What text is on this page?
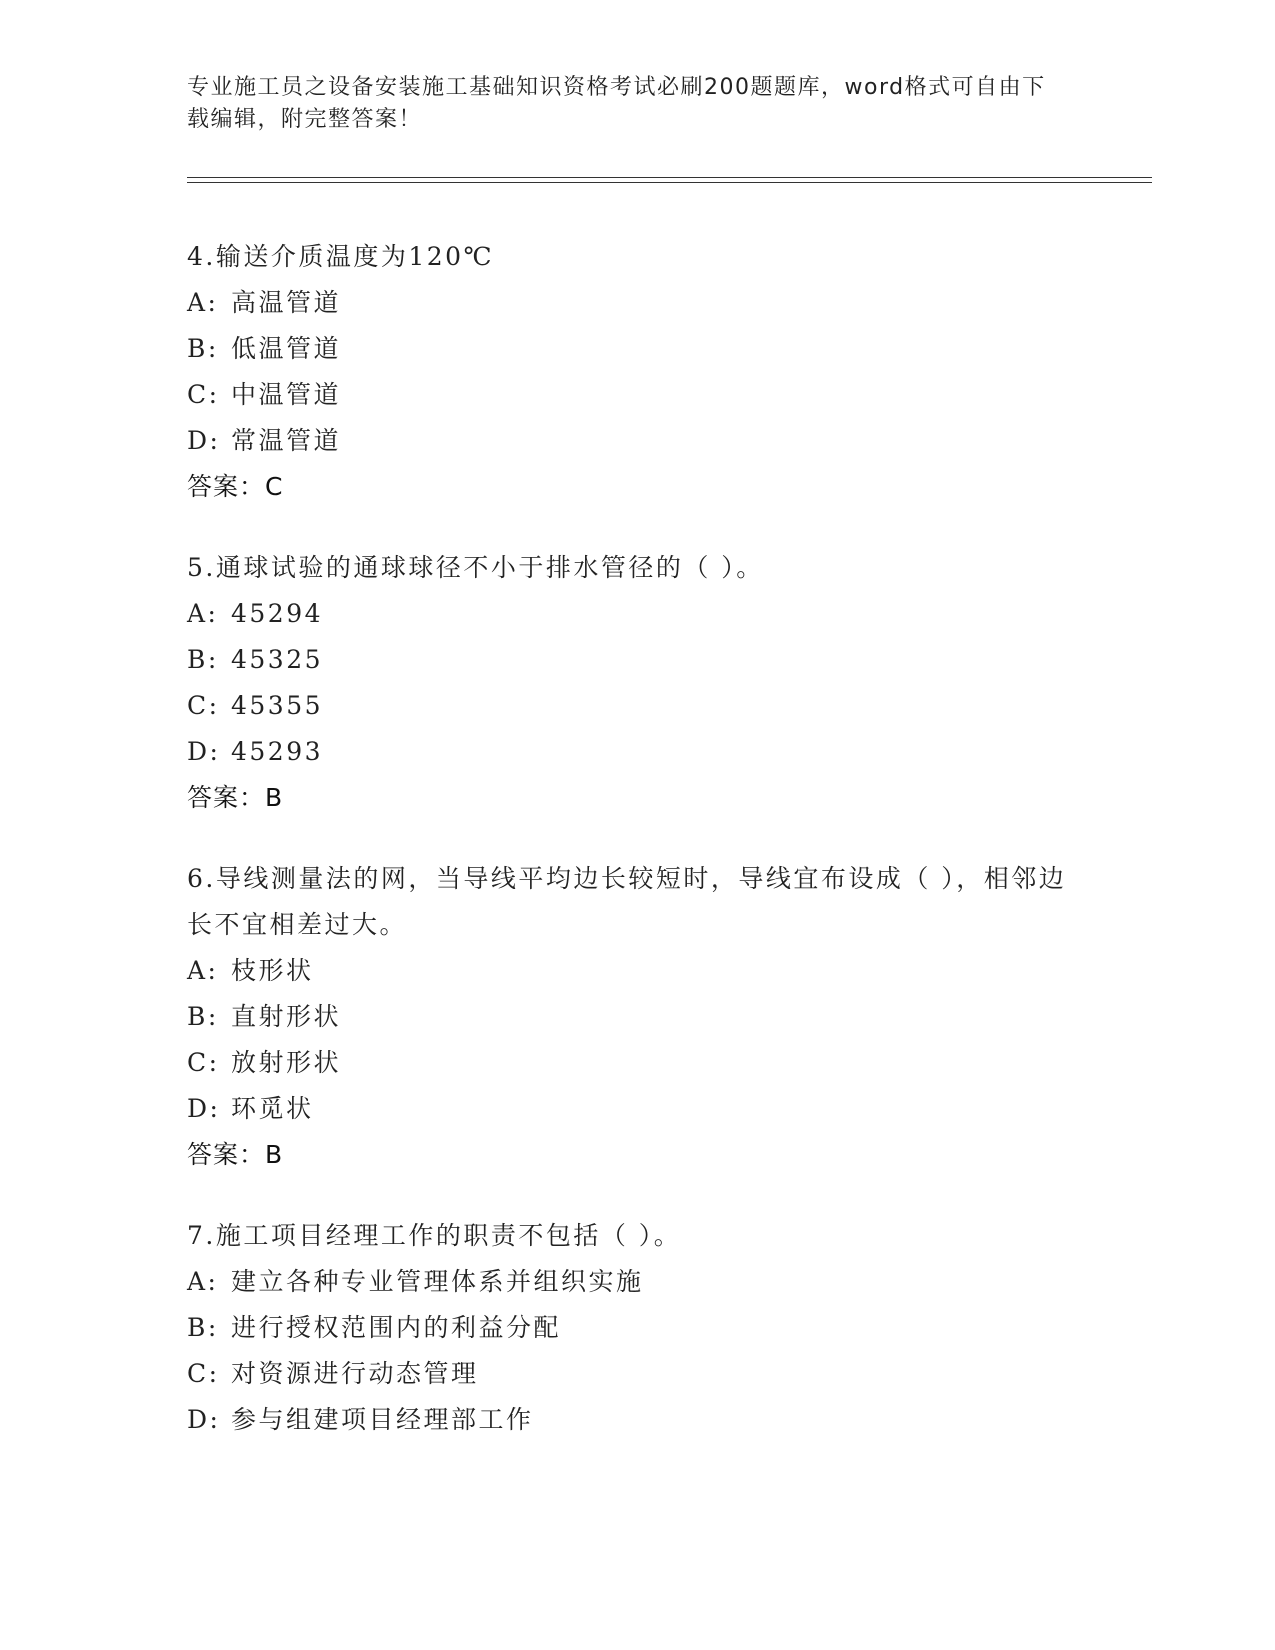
专业施工员之设备安装施工基础知识资格考试必刷200题题库，word格式可自由下载编辑，附完整答案！

4.输送介质温度为120℃

A: 高温管道
B: 低温管道
C: 中温管道
D: 常温管道
答案：C

5.通球试验的通球球径不小于排水管径的（ ）。

A: 45294
B: 45325
C: 45355
D: 45293
答案：B

6.导线测量法的网，当导线平均边长较短时，导线宜布设成（ ），相邻边长不宜相差过大。

A: 枝形状
B: 直射形状
C: 放射形状
D: 环觅状
答案：B

7.施工项目经理工作的职责不包括（ ）。

A: 建立各种专业管理体系并组织实施
B: 进行授权范围内的利益分配
C: 对资源进行动态管理
D: 参与组建项目经理部工作
